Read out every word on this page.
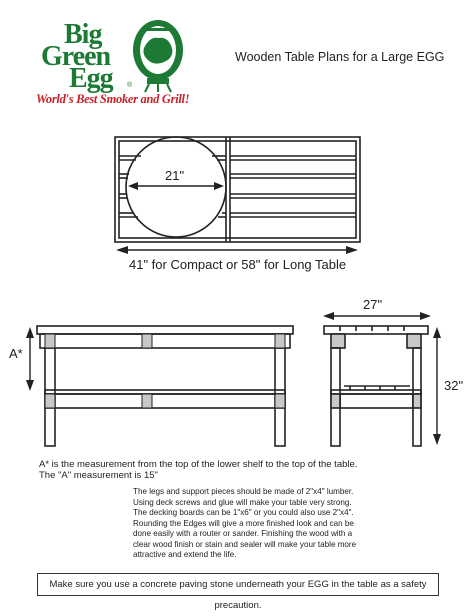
Big
Green
Egg ®
World's Best Smoker and Grill!
Wooden Table Plans for a Large EGG
21"
41" for Compact or 58" for Long Table
A*
27"
32"
A* is the measurement from the top of the lower shelf to the top of the table.
The "A" measurement is 15"
The legs and support pieces should be made of 2"x4" lumber. Using deck screws and glue will make your table very strong. The decking boards can be 1"x6" or you could also use 2"x4". Rounding the Edges will give a more finished look and can be done easily with a router or sander. Finishing the wood with a clear wood finish or stain and sealer will make your table more attractive and extend the life.
Make sure you use a concrete paving stone underneath your EGG in the table as a safety precaution.
